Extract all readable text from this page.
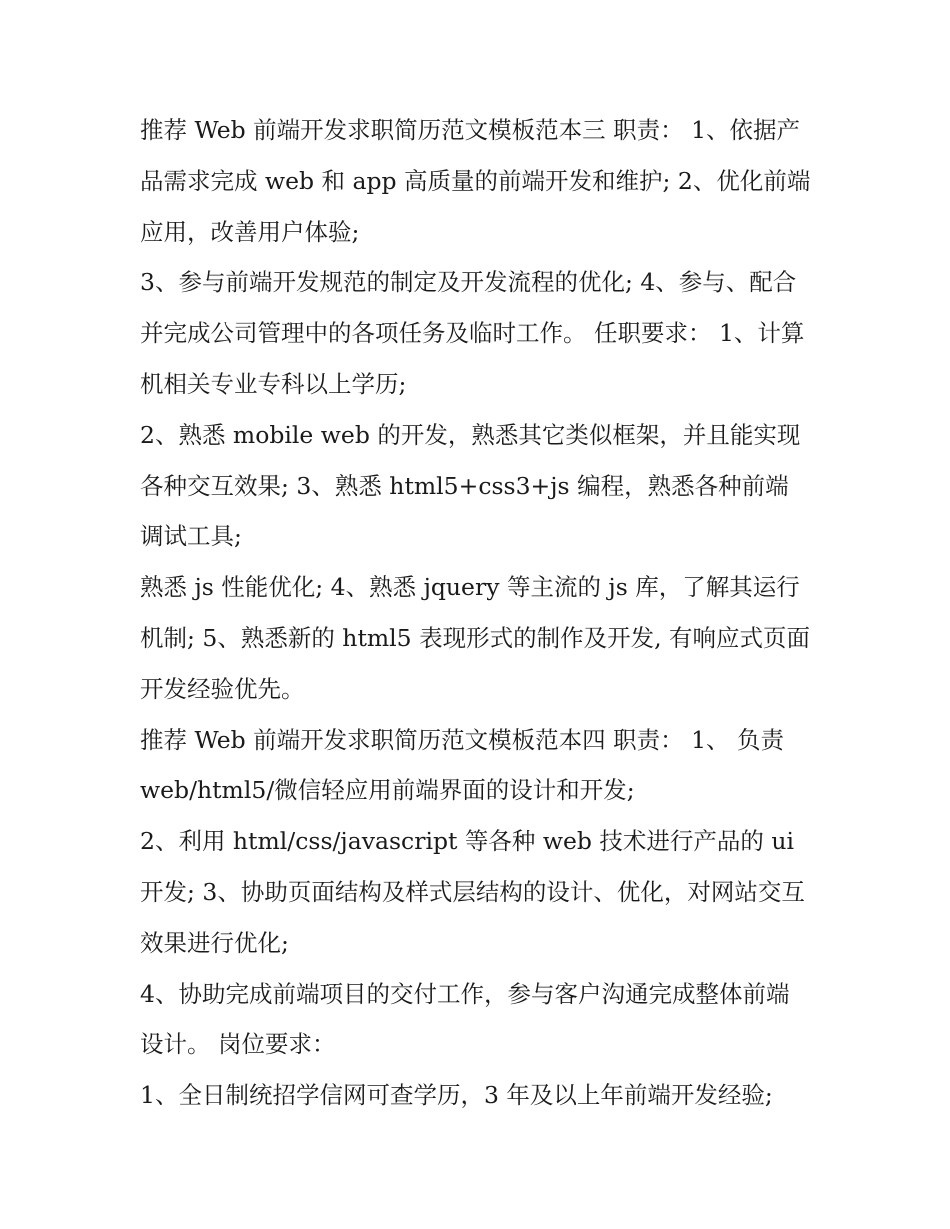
推荐 Web 前端开发求职简历范文模板范本三 职责： 1、依据产品需求完成 web 和 app 高质量的前端开发和维护; 2、优化前端应用，改善用户体验;

3、参与前端开发规范的制定及开发流程的优化; 4、参与、配合并完成公司管理中的各项任务及临时工作。 任职要求： 1、计算机相关专业专科以上学历;

2、熟悉 mobile web 的开发，熟悉其它类似框架，并且能实现各种交互效果; 3、熟悉 html5+css3+js 编程，熟悉各种前端调试工具;

熟悉 js 性能优化; 4、熟悉 jquery 等主流的 js 库，了解其运行机制; 5、熟悉新的 html5 表现形式的制作及开发, 有响应式页面开发经验优先。

推荐 Web 前端开发求职简历范文模板范本四 职责： 1、 负责web/html5/微信轻应用前端界面的设计和开发;

2、利用 html/css/javascript 等各种 web 技术进行产品的 ui 开发; 3、协助页面结构及样式层结构的设计、优化，对网站交互效果进行优化;

4、协助完成前端项目的交付工作，参与客户沟通完成整体前端设计。 岗位要求：

1、全日制统招学信网可查学历，3 年及以上年前端开发经验;
